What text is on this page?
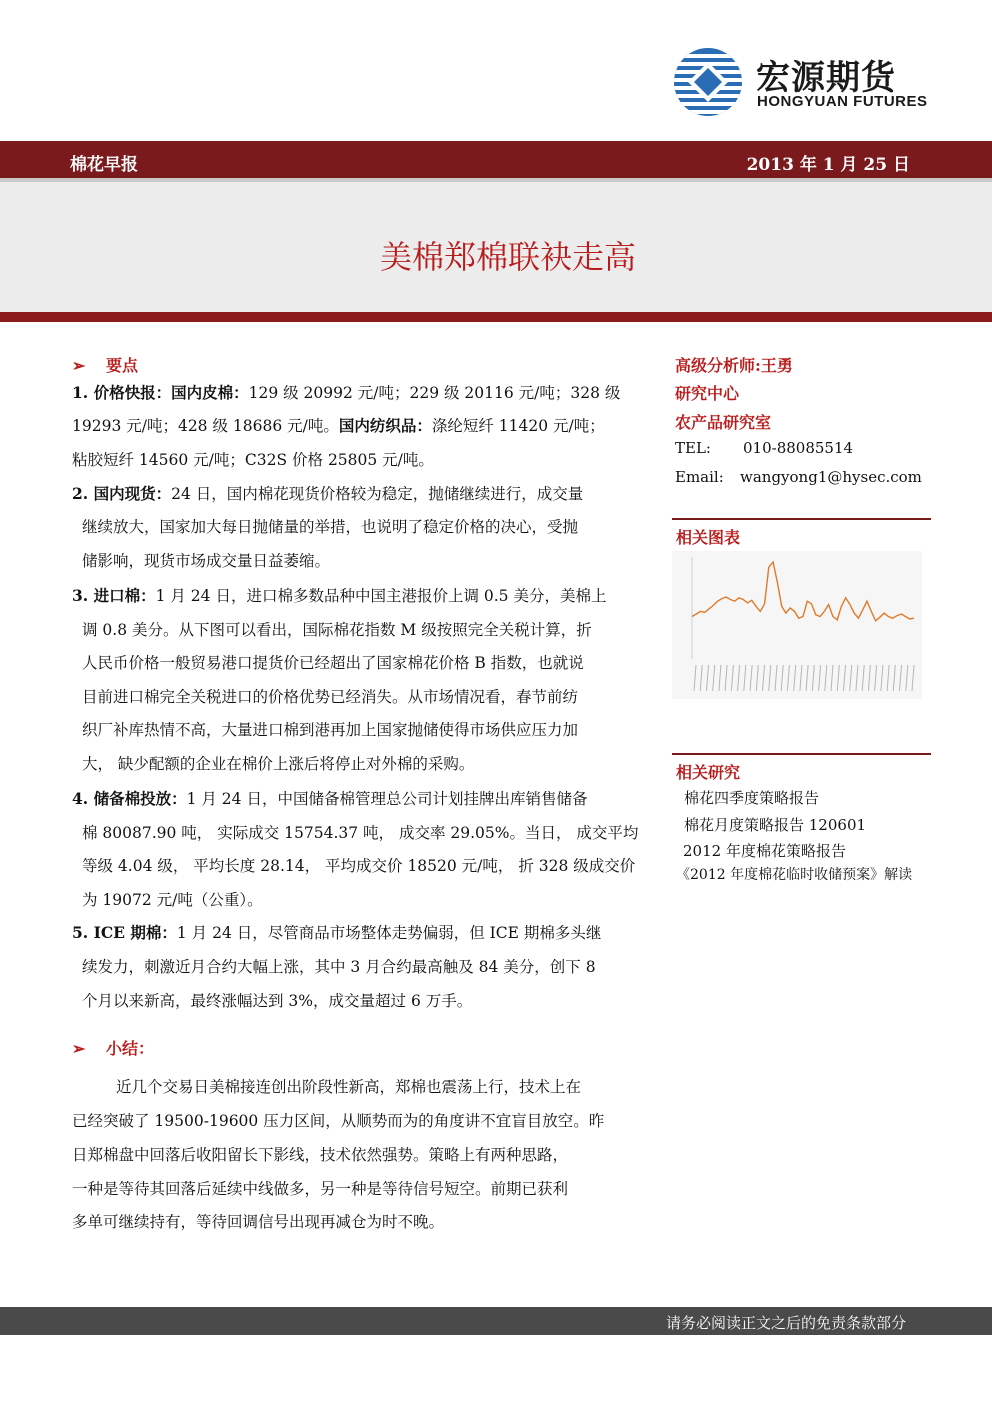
宏源期货
HONGYUAN FUTURES
棉花早报	2013 年 1 月 25 日
美棉郑棉联袂走高
➢ 要点
1. 价格快报：国内皮棉：129 级 20992 元/吨；229 级 20116 元/吨；328 级
19293 元/吨；428 级 18686 元/吨。国内纺织品：涤纶短纤 11420 元/吨；
粘胶短纤 14560 元/吨；C32S 价格 25805 元/吨。
2. 国内现货：24 日，国内棉花现货价格较为稳定，抛储继续进行，成交量
继续放大，国家加大每日抛储量的举措，也说明了稳定价格的决心，受抛
储影响，现货市场成交量日益萎缩。
3. 进口棉：1 月 24 日，进口棉多数品种中国主港报价上调 0.5 美分，美棉上
调 0.8 美分。从下图可以看出，国际棉花指数 M 级按照完全关税计算，折
人民币价格一般贸易港口提货价已经超出了国家棉花价格 B 指数，也就说
目前进口棉完全关税进口的价格优势已经消失。从市场情况看，春节前纺
织厂补库热情不高，大量进口棉到港再加上国家抛储使得市场供应压力加
大， 缺少配额的企业在棉价上涨后将停止对外棉的采购。
4. 储备棉投放：1 月 24 日，中国储备棉管理总公司计划挂牌出库销售储备
棉 80087.90 吨， 实际成交 15754.37 吨， 成交率 29.05%。当日， 成交平均
等级 4.04 级， 平均长度 28.14， 平均成交价 18520 元/吨， 折 328 级成交价
为 19072 元/吨（公重）。
5. ICE 期棉：1 月 24 日，尽管商品市场整体走势偏弱，但 ICE 期棉多头继
续发力，刺激近月合约大幅上涨，其中 3 月合约最高触及 84 美分，创下 8
个月以来新高，最终涨幅达到 3%，成交量超过 6 万手。
➢ 小结：
近几个交易日美棉接连创出阶段性新高，郑棉也震荡上行，技术上在
已经突破了 19500-19600 压力区间，从顺势而为的角度讲不宜盲目放空。昨
日郑棉盘中回落后收阳留长下影线，技术依然强势。策略上有两种思路，
一种是等待其回落后延续中线做多，另一种是等待信号短空。前期已获利
多单可继续持有，等待回调信号出现再减仓为时不晚。
高级分析师:王勇
研究中心
农产品研究室
TEL: 010-88085514
Email: wangyong1@hysec.com
相关图表
相关研究
棉花四季度策略报告
棉花月度策略报告 120601
2012 年度棉花策略报告
《2012 年度棉花临时收储预案》解读
请务必阅读正文之后的免责条款部分
